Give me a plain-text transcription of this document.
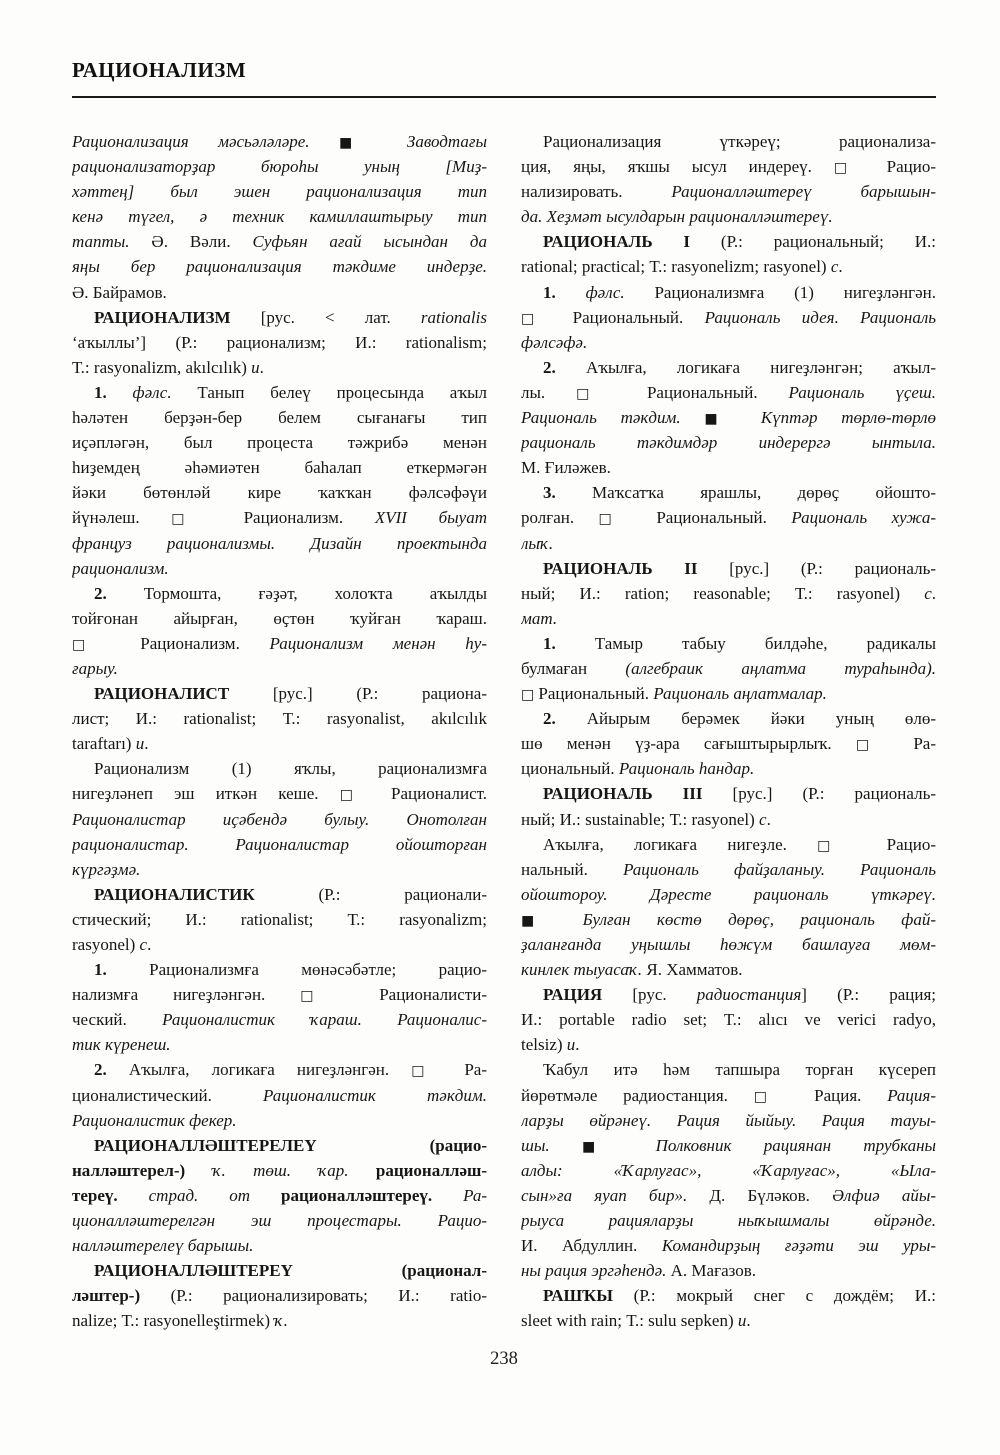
РАЦИОНАЛИЗМ
Рационализация мәсьәләләре. ■ Заводтағы
рационализаторҙар бюроһы уның [Миҙ-
хәттең] был эшен рационализация тип
кенә түгел, ә техник камиллаштырыу тип
тапты. Ә. Вәли. Суфьян ағай ысындан да
яңы бер рационализация тәкдиме индерҙе.
Ә. Байрамов.
РАЦИОНАЛИЗМ [рус. < лат. rationalis
‘аҡыллы’] (Р.: рационализм; И.: rationalism;
Т.: rasyonalizm, akılcılık) и.
1. фәлс. Танып белеү процесында аҡыл
һәләтен берҙән-бер белем сығанағы тип
иҫәпләгән, был процеста тәжрибә менән
һиҙемдең әһәмиәтен баһалап еткермәгән
йәки бөтөнләй кире ҡаҡҡан фәлсәфәүи
йүнәлеш. □ Рационализм. XVII быуат
француз рационализмы. Дизайн проектында
рационализм.
2. Тормошта, ғәҙәт, холоҡта аҡылды
тойғонан айырған, өҫтөн ҡуйған ҡараш.
□ Рационализм. Рационализм менән һу-
ғарыу.
РАЦИОНАЛИСТ [рус.] (Р.: рациона-
лист; И.: rationalist; Т.: rasyonalist, akılcılık
taraftarı) и.
Рационализм (1) яҡлы, рационализмға
нигеҙләнеп эш иткән кеше. □ Рационалист.
Рационалистар иҫәбендә булыу. Онотолған
рационалистар. Рационалистар ойошторған
күргәҙмә.
РАЦИОНАЛИСТИК (Р.: рационали-
стический; И.: rationalist; Т.: rasyonalizm;
rasyonel) с.
1. Рационализмға мөнәсәбәтле; рацио-
нализмға нигеҙләнгән. □ Рационалисти-
ческий. Рационалистик ҡараш. Рационалис-
тик күренеш.
2. Аҡылға, логикаға нигеҙләнгән. □ Ра-
ционалистический. Рационалистик тәкдим.
Рационалистик фекер.
РАЦИОНАЛЛӘШТЕРЕЛЕҮ (рацио-
налләштерел-) ҡ. төш. ҡар. рационалләш-
тереү. страд. от рационалләштереү. Ра-
ционалләштерелгән эш процестары. Рацио-
налләштерелеү барышы.
РАЦИОНАЛЛӘШТЕРЕҮ (рационал-
ләштер-) (Р.: рационализировать; И.: ratio-
nalize; Т.: rasyonelleştirmek) ҡ.
Рационализация үткәреү; рационализа-
ция, яңы, яҡшы ысул индереү. □ Рацио-
нализировать. Рационалләштереү барышын-
да. Хеҙмәт ысулдарын рационалләштереү.
РАЦИОНАЛЬ I (Р.: рациональный; И.:
rational; practical; Т.: rasyonelizm; rasyonel) с.
1. фәлс. Рационализмға (1) нигеҙләнгән.
□ Рациональный. Рациональ идея. Рациональ
фәлсәфә.
2. Аҡылға, логикаға нигеҙләнгән; аҡыл-
лы. □ Рациональный. Рациональ үҫеш.
Рациональ тәкдим. ■ Күптәр төрлө-төрлө
рациональ тәкдимдәр индерергә ынтыла.
М. Ғиләжев.
3. Маҡсатҡа ярашлы, дөрөҫ ойошто-
ролған. □ Рациональный. Рациональ хужа-
лыҡ.
РАЦИОНАЛЬ II [рус.] (Р.: рациональ-
ный; И.: ration; reasonable; Т.: rasyonel) с.
мат.
1. Тамыр табыу билдәһе, радикалы
булмаған (алгебраик аңлатма тураһында).
□ Рациональный. Рациональ аңлатмалар.
2. Айырым берәмек йәки уның өлө-
шө менән үҙ-ара сағыштырырлыҡ. □ Ра-
циональный. Рациональ һандар.
РАЦИОНАЛЬ III [рус.] (Р.: рациональ-
ный; И.: sustainable; Т.: rasyonel) с.
Аҡылға, логикаға нигеҙле. □ Рацио-
нальный. Рациональ файҙаланыу. Рациональ
ойоштороу. Дәресте рациональ үткәреү.
■ Булған көстө дөрөҫ, рациональ фай-
ҙаланғанда уңышлы һөжүм башлауға мөм-
кинлек тыуасаҡ. Я. Хамматов.
РАЦИЯ [рус. радиостанция] (Р.: рация;
И.: portable radio set; Т.: alıcı ve verici radyo,
telsiz) и.
Ҡабул итә һәм тапшыра торған күсереп
йөрөтмәле радиостанция. □ Рация. Рация-
ларҙы өйрәнеү. Рация йыйыу. Рация тауы-
шы. ■ Полковник рациянан трубканы
алды: «Ҡарлуғас», «Ҡарлуғас», «Ыла-
сын»ға яуап бир». Д. Бүләков. Әлфиә айы-
рыуса рацияларҙы ныҡышмалы өйрәнде.
И. Абдуллин. Командирҙың ғәҙәти эш уры-
ны рация эргәһендә. А. Мағазов.
РАШҠЫ (Р.: мокрый снег с дождём; И.:
sleet with rain; Т.: sulu sepken) и.
238
